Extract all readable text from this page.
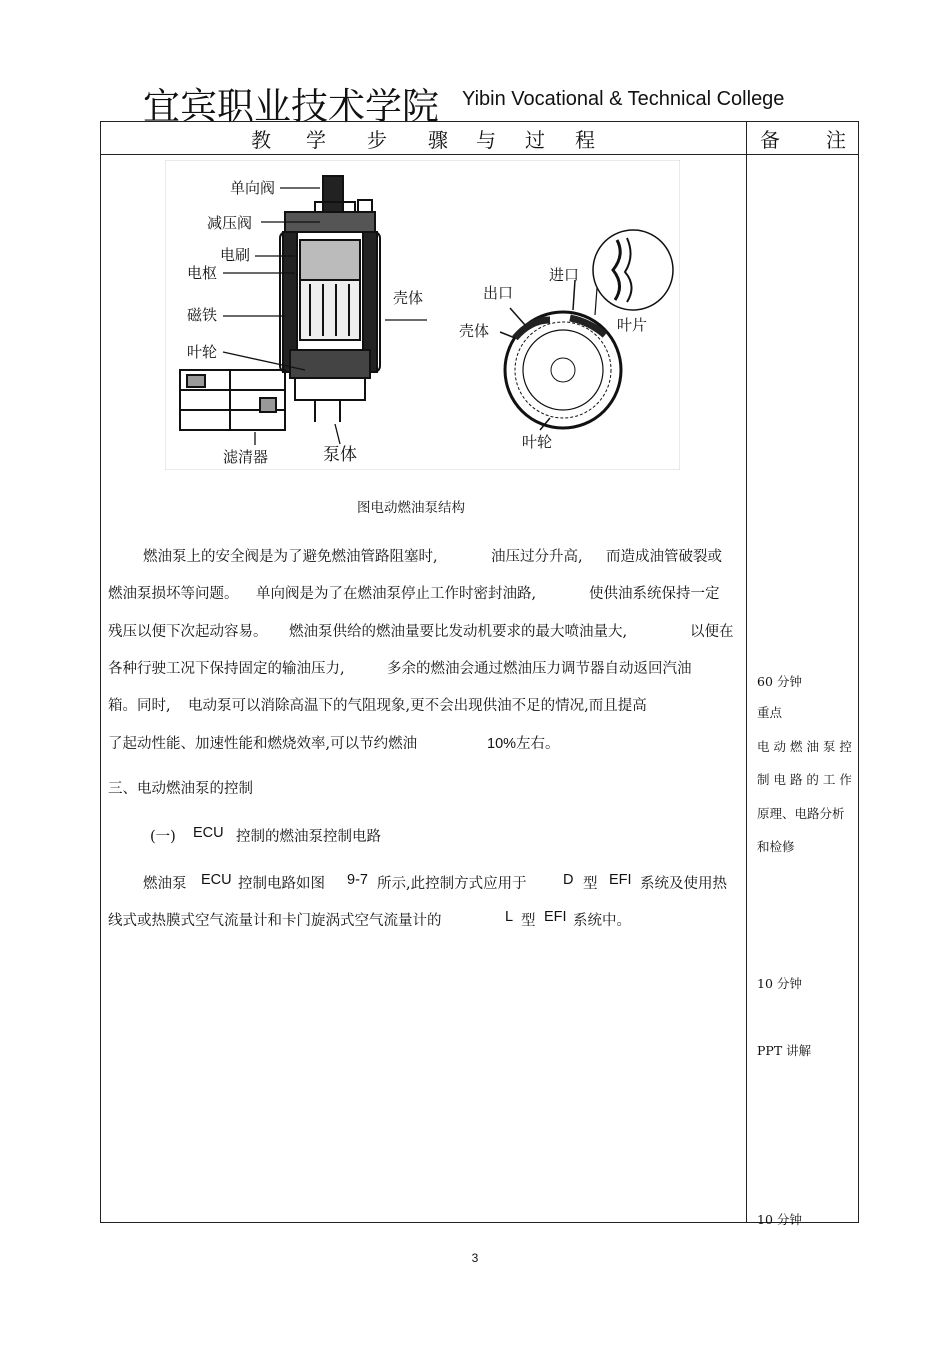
宜宾职业技术学院 Yibin Vocational & Technical College
教 学 步 骤 与 过 程	备 注
单向阀
减压阀
电刷
电枢
磁铁
叶轮
滤清器	泵体
壳体	出口
进口
壳体	叶片
叶轮
图电动燃油泵结构
燃油泵上的安全阀是为了避免燃油管路阻塞时,	油压过分升高, 而造成油管破裂或
燃油泵损坏等问题。 单向阀是为了在燃油泵停止工作时密封油路,	使供油系统保持一定
残压以便下次起动容易。 燃油泵供给的燃油量要比发动机要求的最大喷油量大,	以便在
各种行驶工况下保持固定的输油压力,	多余的燃油会通过燃油压力调节器自动返回汽油
箱。同时, 电动泵可以消除高温下的气阻现象,更不会出现供油不足的情况,而且提高
了起动性能、加速性能和燃烧效率,可以节约燃油	10%左右。
三、电动燃油泵的控制
(一) ECU 控制的燃油泵控制电路
燃油泵 ECU 控制电路如图 9-7 所示,此控制方式应用于	D 型 EFI 系统及使用热
线式或热膜式空气流量计和卡门旋涡式空气流量计的	L 型 EFI 系统中。
60 分钟
重点
电 动 燃 油 泵 控
制 电 路 的 工 作
原理、电路分析
和检修
10 分钟
PPT 讲解
10 分钟
3
